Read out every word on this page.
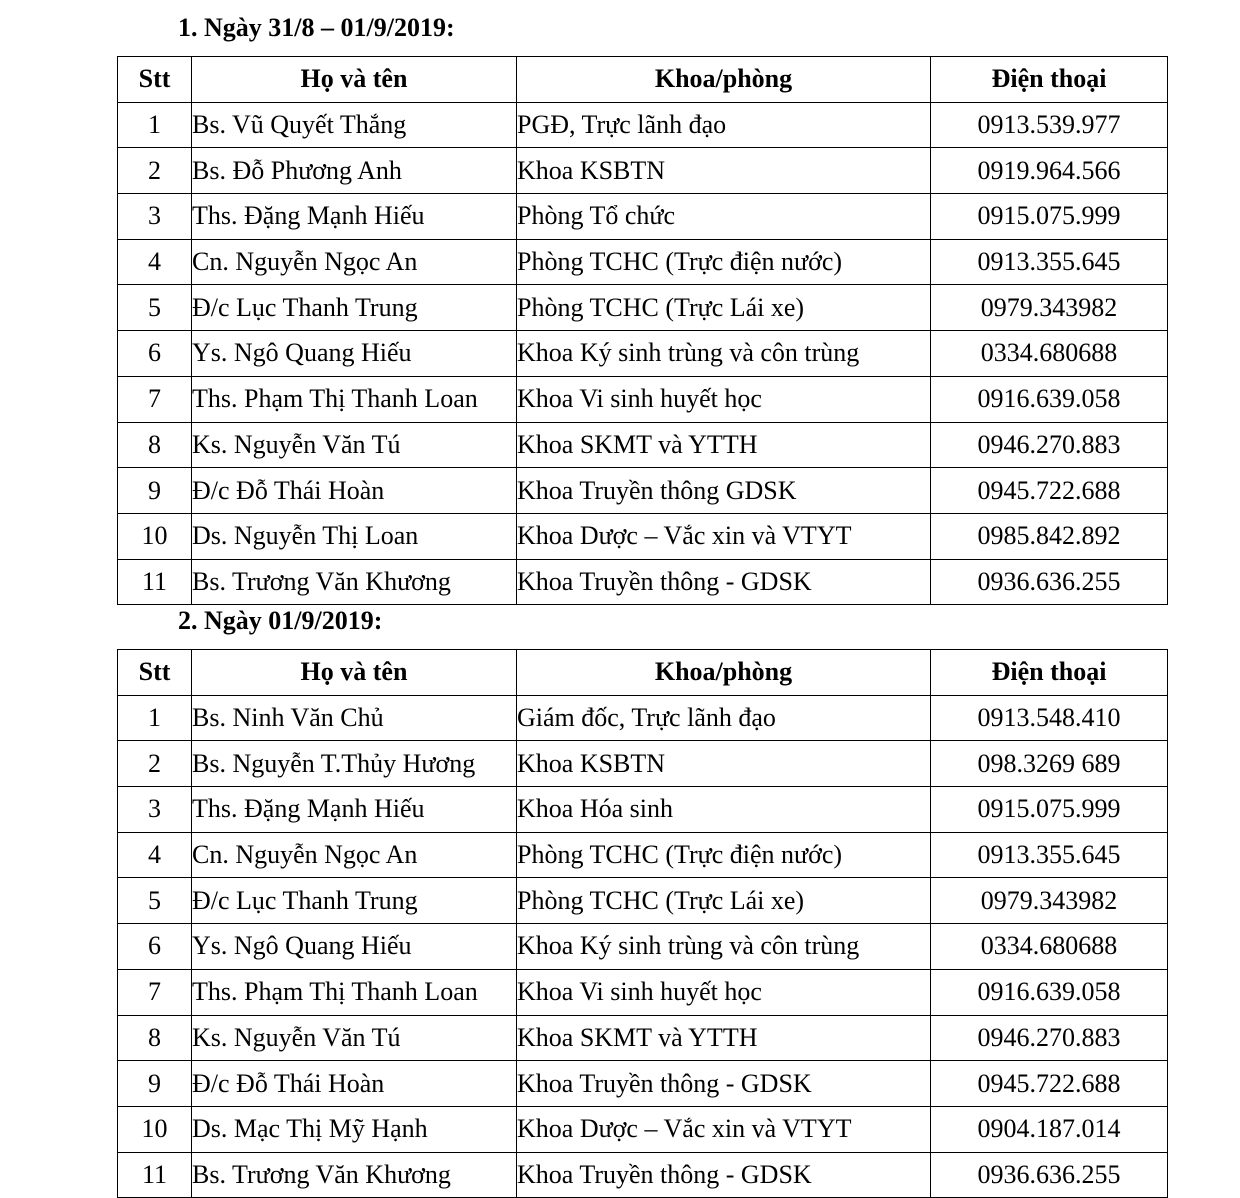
1. Ngày 31/8 – 01/9/2019:

Stt	Họ và tên	Khoa/phòng	Điện thoại
1	Bs. Vũ Quyết Thắng	PGĐ, Trực lãnh đạo	0913.539.977
2	Bs. Đỗ Phương Anh	Khoa KSBTN	0919.964.566
3	Ths. Đặng Mạnh Hiếu	Phòng Tổ chức	0915.075.999
4	Cn. Nguyễn Ngọc An	Phòng TCHC (Trực điện nước)	0913.355.645
5	Đ/c Lục Thanh Trung	Phòng TCHC (Trực Lái xe)	0979.343982
6	Ys. Ngô Quang Hiếu	Khoa Ký sinh trùng và côn trùng	0334.680688
7	Ths. Phạm Thị Thanh Loan	Khoa Vi sinh huyết học	0916.639.058
8	Ks. Nguyễn Văn Tú	Khoa SKMT và YTTH	0946.270.883
9	Đ/c Đỗ Thái Hoàn	Khoa Truyền thông GDSK	0945.722.688
10	Ds. Nguyễn Thị Loan	Khoa Dược – Vắc xin và VTYT	0985.842.892
11	Bs. Trương Văn Khương	Khoa Truyền thông - GDSK	0936.636.255

2. Ngày 01/9/2019:

Stt	Họ và tên	Khoa/phòng	Điện thoại
1	Bs. Ninh Văn Chủ	Giám đốc, Trực lãnh đạo	0913.548.410
2	Bs. Nguyễn T.Thủy Hương	Khoa KSBTN	098.3269 689
3	Ths. Đặng Mạnh Hiếu	Khoa Hóa sinh	0915.075.999
4	Cn. Nguyễn Ngọc An	Phòng TCHC (Trực điện nước)	0913.355.645
5	Đ/c Lục Thanh Trung	Phòng TCHC (Trực Lái xe)	0979.343982
6	Ys. Ngô Quang Hiếu	Khoa Ký sinh trùng và côn trùng	0334.680688
7	Ths. Phạm Thị Thanh Loan	Khoa Vi sinh huyết học	0916.639.058
8	Ks. Nguyễn Văn Tú	Khoa SKMT và YTTH	0946.270.883
9	Đ/c Đỗ Thái Hoàn	Khoa Truyền thông - GDSK	0945.722.688
10	Ds. Mạc Thị Mỹ Hạnh	Khoa Dược – Vắc xin và VTYT	0904.187.014
11	Bs. Trương Văn Khương	Khoa Truyền thông - GDSK	0936.636.255
